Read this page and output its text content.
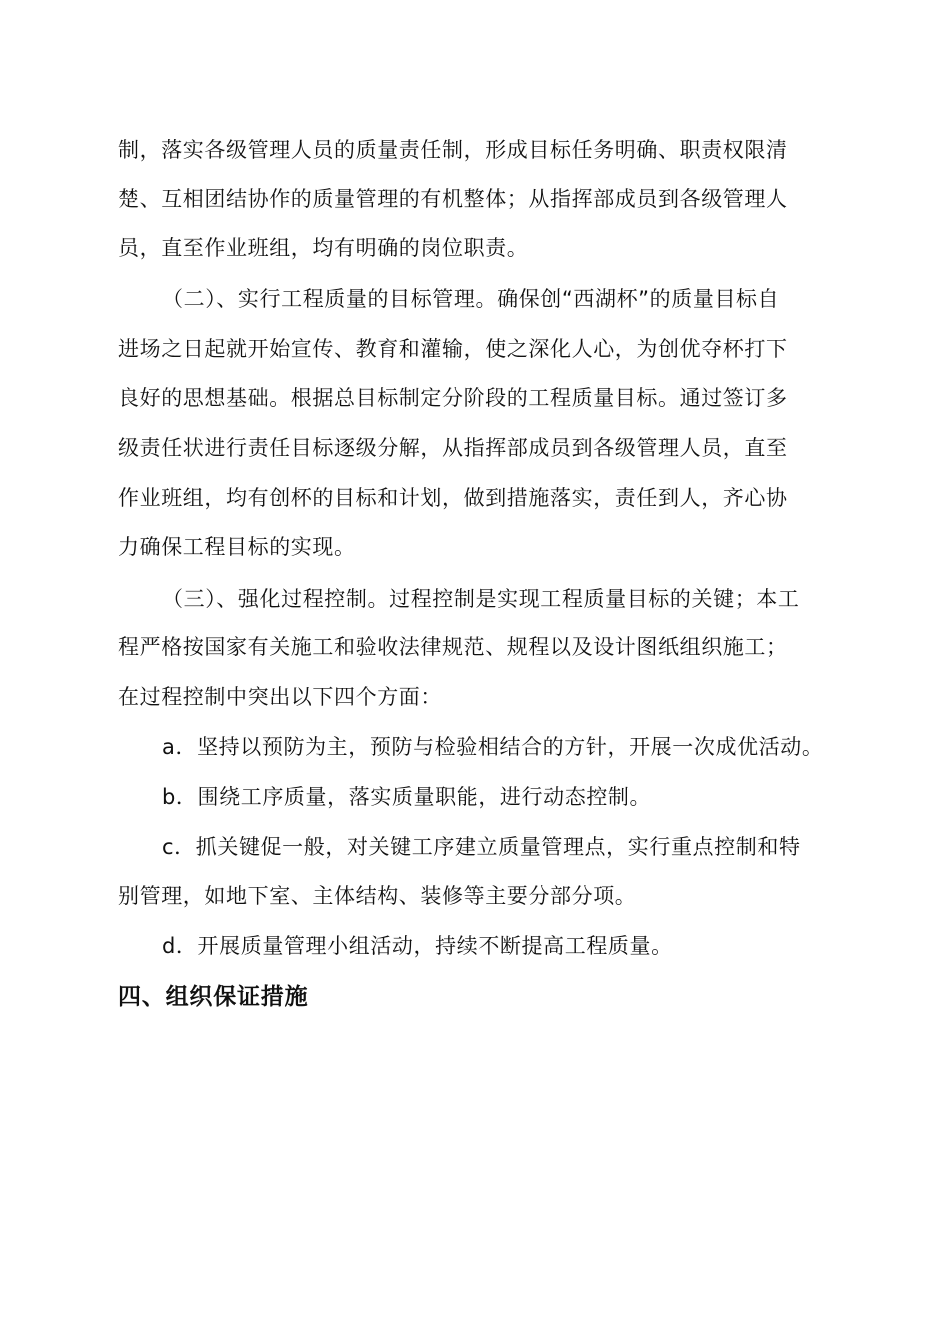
制，落实各级管理人员的质量责任制，形成目标任务明确、职责权限清
楚、互相团结协作的质量管理的有机整体；从指挥部成员到各级管理人
员，直至作业班组，均有明确的岗位职责。
（二）、实行工程质量的目标管理。确保创“西湖杯”的质量目标自
进场之日起就开始宣传、教育和灌输，使之深化人心，为创优夺杯打下
良好的思想基础。根据总目标制定分阶段的工程质量目标。通过签订多
级责任状进行责任目标逐级分解，从指挥部成员到各级管理人员，直至
作业班组，均有创杯的目标和计划，做到措施落实，责任到人，齐心协
力确保工程目标的实现。
（三）、强化过程控制。过程控制是实现工程质量目标的关键；本工
程严格按国家有关施工和验收法律规范、规程以及设计图纸组织施工；
在过程控制中突出以下四个方面：
a．坚持以预防为主，预防与检验相结合的方针，开展一次成优活动。
b．围绕工序质量，落实质量职能，进行动态控制。
c．抓关键促一般，对关键工序建立质量管理点，实行重点控制和特
别管理，如地下室、主体结构、装修等主要分部分项。
d．开展质量管理小组活动，持续不断提高工程质量。
四、组织保证措施
